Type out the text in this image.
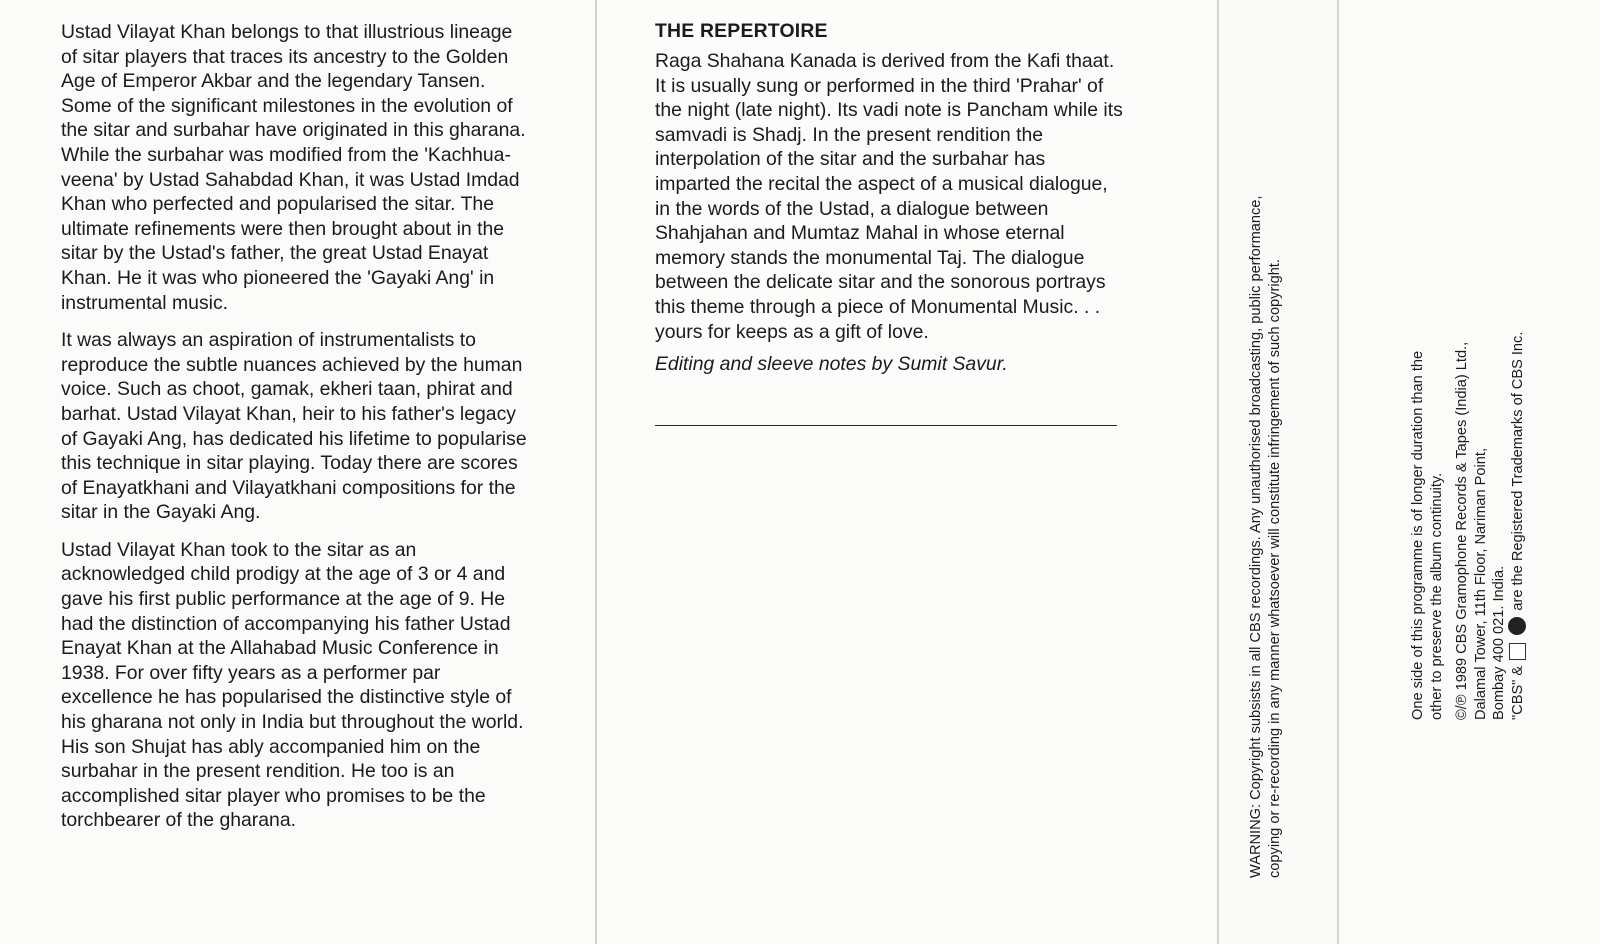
Ustad Vilayat Khan belongs to that illustrious lineage of sitar players that traces its ancestry to the Golden Age of Emperor Akbar and the legendary Tansen. Some of the significant milestones in the evolution of the sitar and surbahar have originated in this gharana. While the surbahar was modified from the 'Kachhua-veena' by Ustad Sahabdad Khan, it was Ustad Imdad Khan who perfected and popularised the sitar. The ultimate refinements were then brought about in the sitar by the Ustad's father, the great Ustad Enayat Khan. He it was who pioneered the 'Gayaki Ang' in instrumental music.

It was always an aspiration of instrumentalists to reproduce the subtle nuances achieved by the human voice. Such as choot, gamak, ekheri taan, phirat and barhat. Ustad Vilayat Khan, heir to his father's legacy of Gayaki Ang, has dedicated his lifetime to popularise this technique in sitar playing. Today there are scores of Enayatkhani and Vilayatkhani compositions for the sitar in the Gayaki Ang.

Ustad Vilayat Khan took to the sitar as an acknowledged child prodigy at the age of 3 or 4 and gave his first public performance at the age of 9. He had the distinction of accompanying his father Ustad Enayat Khan at the Allahabad Music Conference in 1938. For over fifty years as a performer par excellence he has popularised the distinctive style of his gharana not only in India but throughout the world. His son Shujat has ably accompanied him on the surbahar in the present rendition. He too is an accomplished sitar player who promises to be the torchbearer of the gharana.

THE REPERTOIRE

Raga Shahana Kanada is derived from the Kafi thaat. It is usually sung or performed in the third 'Prahar' of the night (late night). Its vadi note is Pancham while its samvadi is Shadj. In the present rendition the interpolation of the sitar and the surbahar has imparted the recital the aspect of a musical dialogue, in the words of the Ustad, a dialogue between Shahjahan and Mumtaz Mahal in whose eternal memory stands the monumental Taj. The dialogue between the delicate sitar and the sonorous portrays this theme through a piece of Monumental Music. . . yours for keeps as a gift of love.

Editing and sleeve notes by Sumit Savur.	WARNING: Copyright subsists in all CBS recordings. Any unauthorised broadcasting, public performance, copying or re-recording in any manner whatsoever will constitute infringement of such copyright.	One side of this programme is of longer duration than the other to preserve the album continuity. ©/℗ 1989 CBS Gramophone Records & Tapes (India) Ltd., Dalamal Tower, 11th Floor, Nariman Point, Bombay 400 021. India. "CBS" &   are the Registered Trademarks of CBS Inc.
